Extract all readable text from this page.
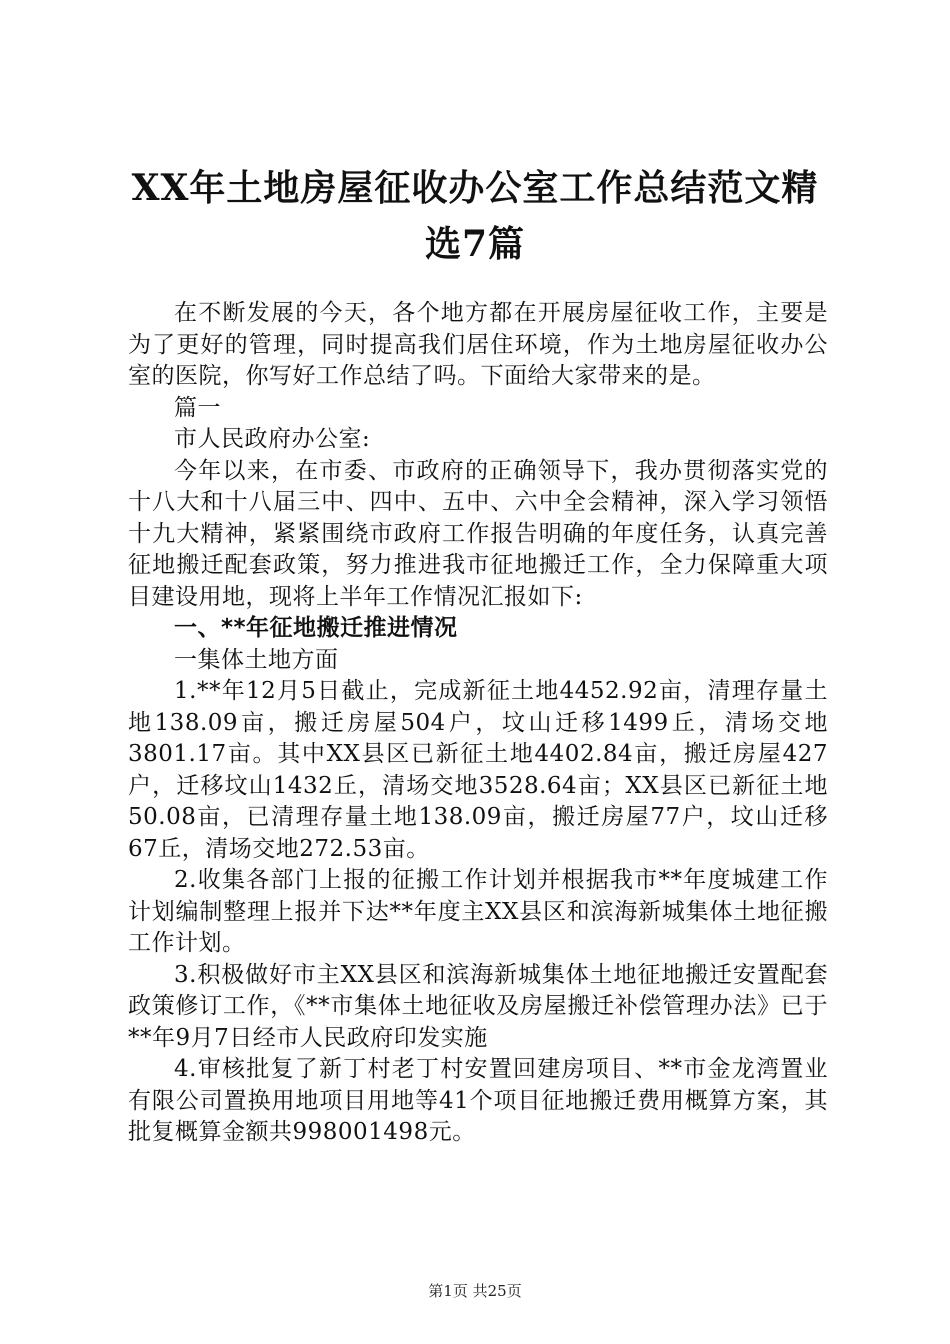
XX年土地房屋征收办公室工作总结范文精选7篇

在不断发展的今天，各个地方都在开展房屋征收工作，主要是为了更好的管理，同时提高我们居住环境，作为土地房屋征收办公室的医院，你写好工作总结了吗。下面给大家带来的是。

篇一

市人民政府办公室:

今年以来，在市委、市政府的正确领导下，我办贯彻落实党的十八大和十八届三中、四中、五中、六中全会精神，深入学习领悟十九大精神，紧紧围绕市政府工作报告明确的年度任务，认真完善征地搬迁配套政策，努力推进我市征地搬迁工作，全力保障重大项目建设用地，现将上半年工作情况汇报如下:

一、**年征地搬迁推进情况

一集体土地方面

1.**年12月5日截止，完成新征土地4452.92亩，清理存量土地138.09亩，搬迁房屋504户，坟山迁移1499丘，清场交地3801.17亩。其中XX县区已新征土地4402.84亩，搬迁房屋427户，迁移坟山1432丘，清场交地3528.64亩；XX县区已新征土地50.08亩，已清理存量土地138.09亩，搬迁房屋77户，坟山迁移67丘，清场交地272.53亩。

2.收集各部门上报的征搬工作计划并根据我市**年度城建工作计划编制整理上报并下达**年度主XX县区和滨海新城集体土地征搬工作计划。

3.积极做好市主XX县区和滨海新城集体土地征地搬迁安置配套政策修订工作，《**市集体土地征收及房屋搬迁补偿管理办法》已于**年9月7日经市人民政府印发实施

4.审核批复了新丁村老丁村安置回建房项目、**市金龙湾置业有限公司置换用地项目用地等41个项目征地搬迁费用概算方案，其批复概算金额共998001498元。

第1页 共25页
